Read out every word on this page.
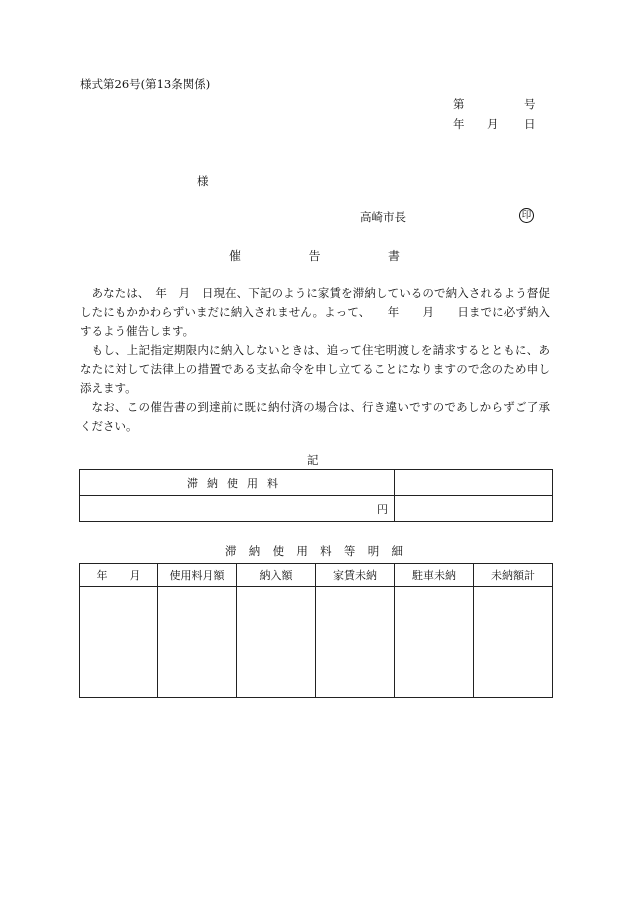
様式第26号(第13条関係)
第	号
年 月 日
様
高崎市長	印
催	告	書

あなたは、　年　月　日現在、下記のように家賃を滞納しているので納入されるよう督促したにもかかわらずいまだに納入されません。よって、　　年　　月　　日までに必ず納入するよう催告します。

もし、上記指定期限内に納入しないときは、追って住宅明渡しを請求するとともに、あなたに対して法律上の措置である支払命令を申し立てることになりますので念のため申し添えます。

なお、この催告書の到達前に既に納付済の場合は、行き違いですのであしからずご了承ください。

記
滞納使用料	
円	
滞 納 使 用 料 等 明 細
年 月	使用料月額	納入額	家賃未納	駐車未納	未納額計
